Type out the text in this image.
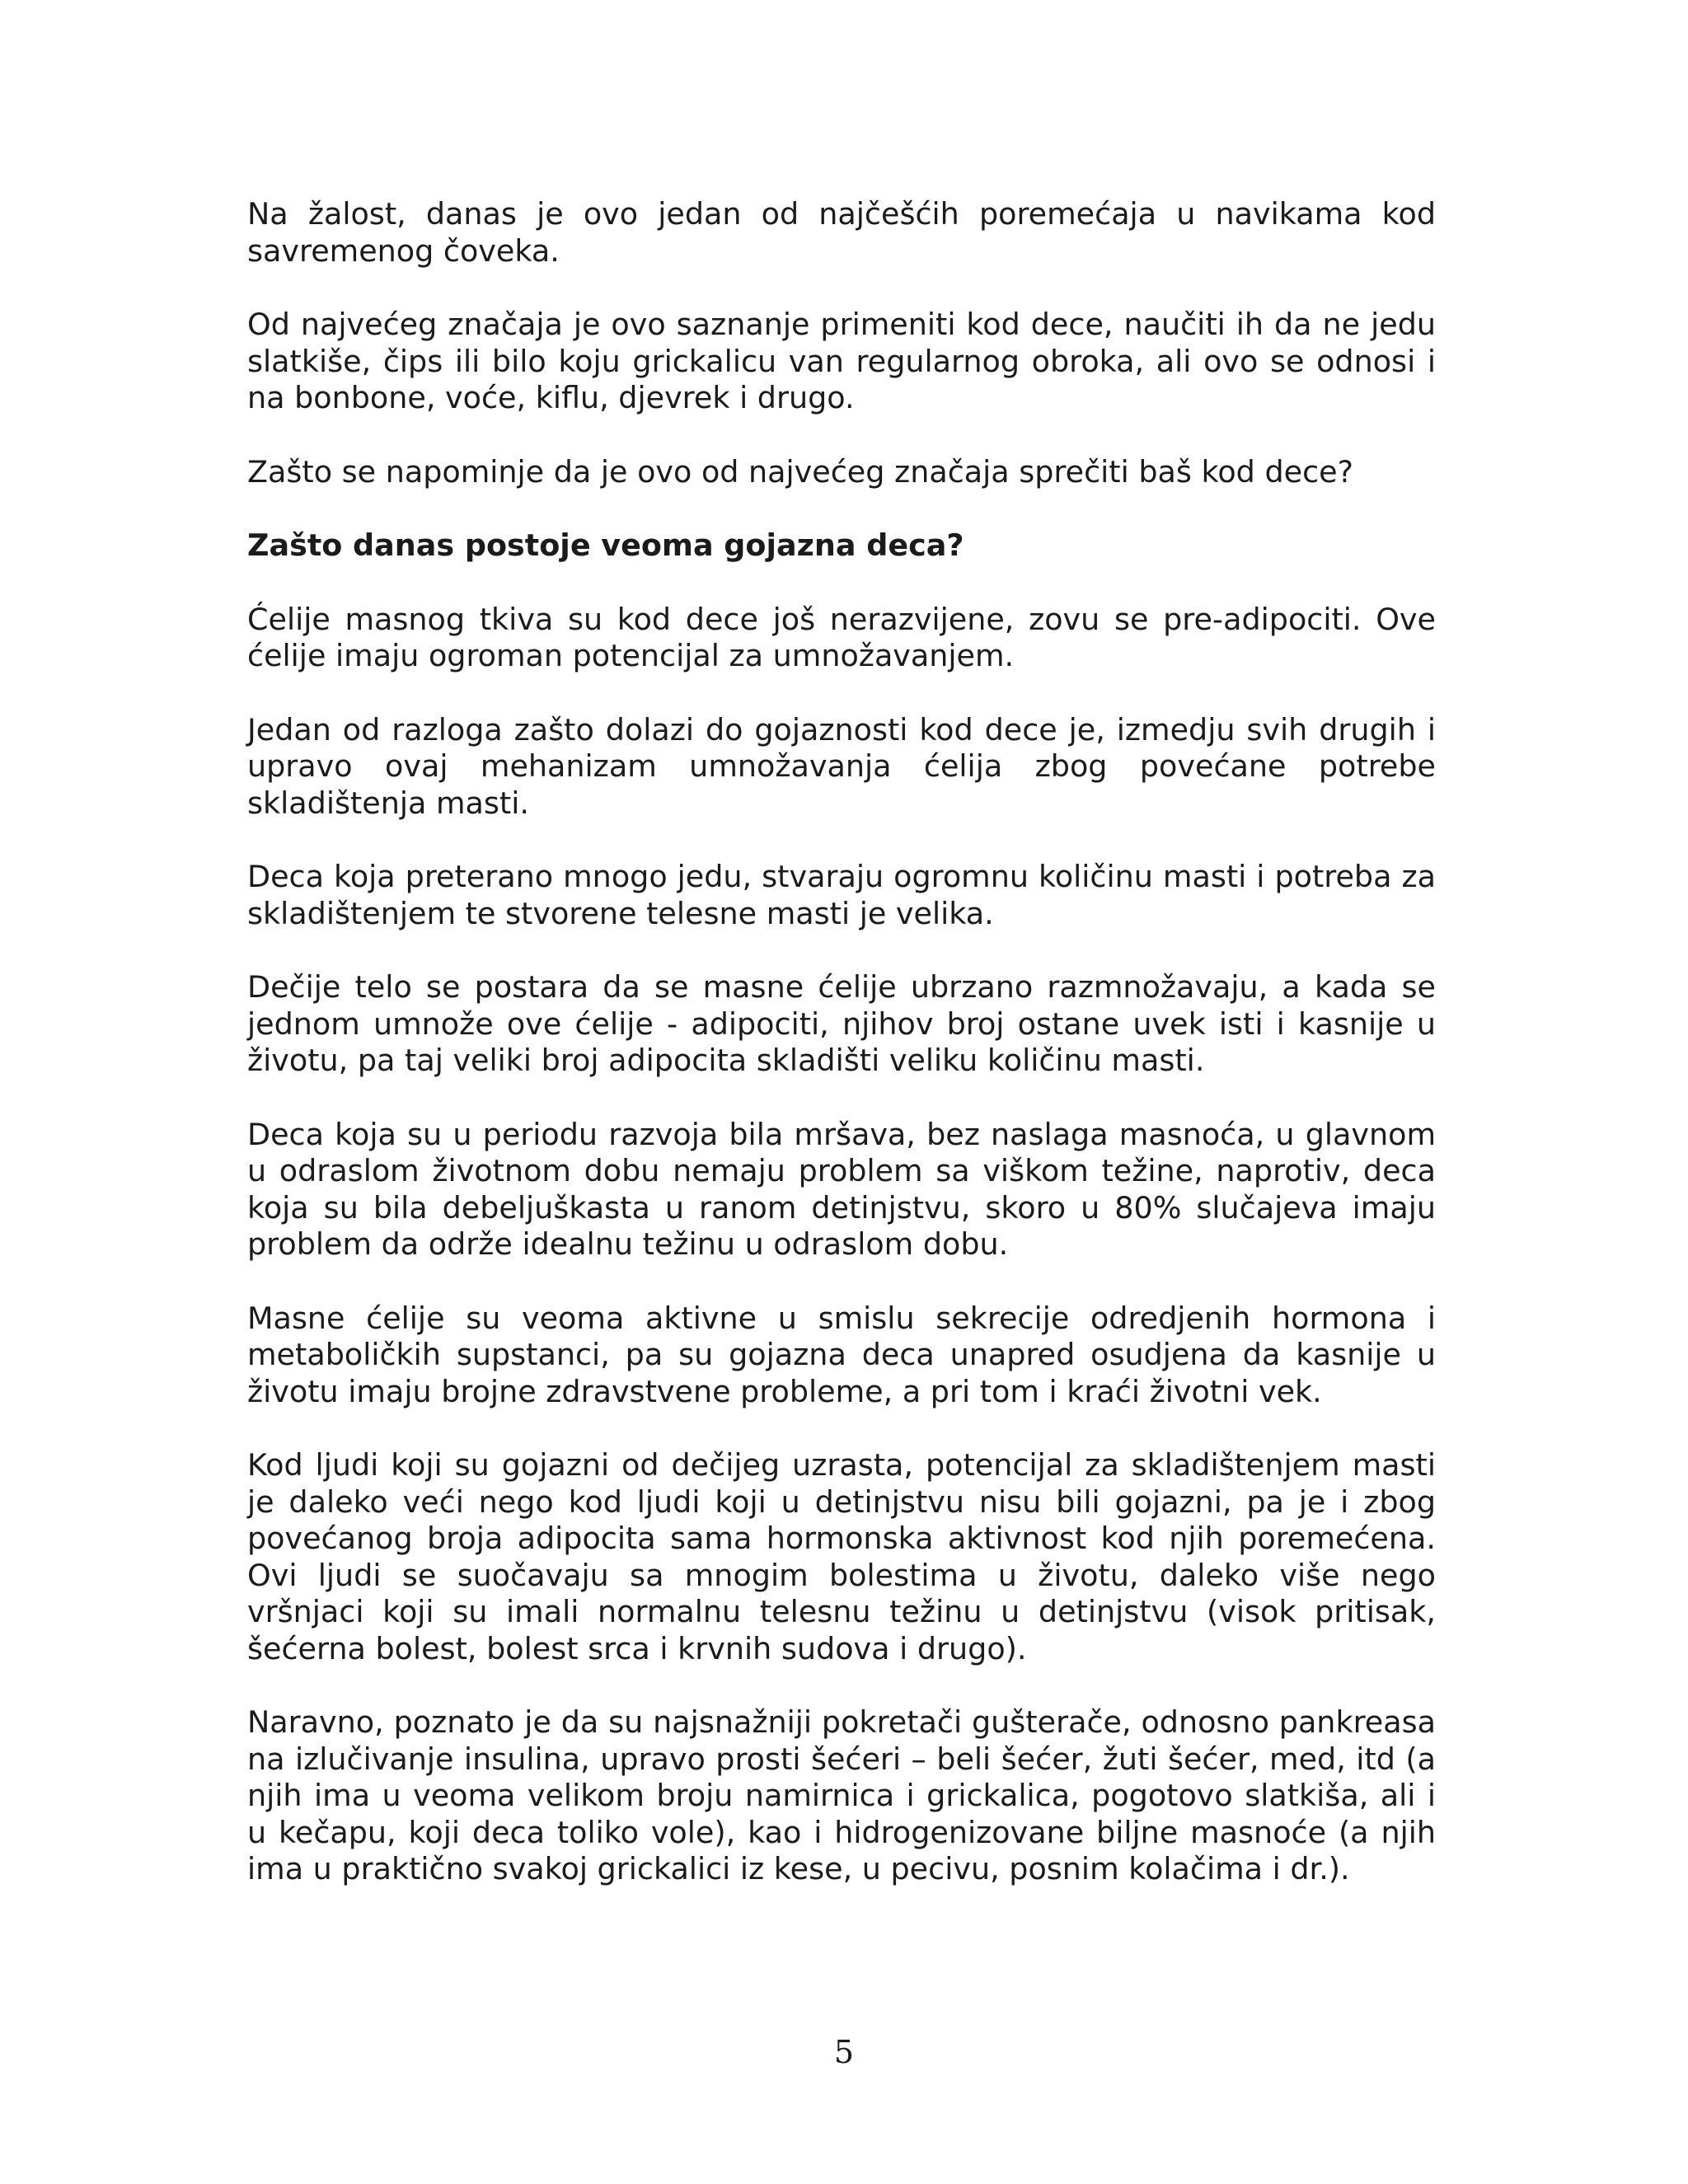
Na žalost, danas je ovo jedan od najčešćih poremećaja u navikama kod savremenog čoveka.

Od najvećeg značaja je ovo saznanje primeniti kod dece, naučiti ih da ne jedu slatkiše, čips ili bilo koju grickalicu van regularnog obroka, ali ovo se odnosi i na bonbone, voće, kiflu, djevrek i drugo.

Zašto se napominje da je ovo od najvećeg značaja sprečiti baš kod dece?

Zašto danas postoje veoma gojazna deca?

Ćelije masnog tkiva su kod dece još nerazvijene, zovu se pre-adipociti. Ove ćelije imaju ogroman potencijal za umnožavanjem.

Jedan od razloga zašto dolazi do gojaznosti kod dece je, izmedju svih drugih i upravo ovaj mehanizam umnožavanja ćelija zbog povećane potrebe skladištenja masti.

Deca koja preterano mnogo jedu, stvaraju ogromnu količinu masti i potreba za skladištenjem te stvorene telesne masti je velika.

Dečije telo se postara da se masne ćelije ubrzano razmnožavaju, a kada se jednom umnože ove ćelije - adipociti, njihov broj ostane uvek isti i kasnije u životu, pa taj veliki broj adipocita skladišti veliku količinu masti.

Deca koja su u periodu razvoja bila mršava, bez naslaga masnoća, u glavnom u odraslom životnom dobu nemaju problem sa viškom težine, naprotiv, deca koja su bila debeljuškasta u ranom detinjstvu, skoro u 80% slučajeva imaju problem da održe idealnu težinu u odraslom dobu.

Masne ćelije su veoma aktivne u smislu sekrecije odredjenih hormona i metaboličkih supstanci, pa su gojazna deca unapred osudjena da kasnije u životu imaju brojne zdravstvene probleme, a pri tom i kraći životni vek.

Kod ljudi koji su gojazni od dečijeg uzrasta, potencijal za skladištenjem masti je daleko veći nego kod ljudi koji u detinjstvu nisu bili gojazni, pa je i zbog povećanog broja adipocita sama hormonska aktivnost kod njih poremećena. Ovi ljudi se suočavaju sa mnogim bolestima u životu, daleko više nego vršnjaci koji su imali normalnu telesnu težinu u detinjstvu (visok pritisak, šećerna bolest, bolest srca i krvnih sudova i drugo).

Naravno, poznato je da su najsnažniji pokretači gušterače, odnosno pankreasa na izlučivanje insulina, upravo prosti šećeri – beli šećer, žuti šećer, med, itd (a njih ima u veoma velikom broju namirnica i grickalica, pogotovo slatkiša, ali i u kečapu, koji deca toliko vole), kao i hidrogenizovane biljne masnoće (a njih ima u praktično svakoj grickalici iz kese, u pecivu, posnim kolačima i dr.).

5
